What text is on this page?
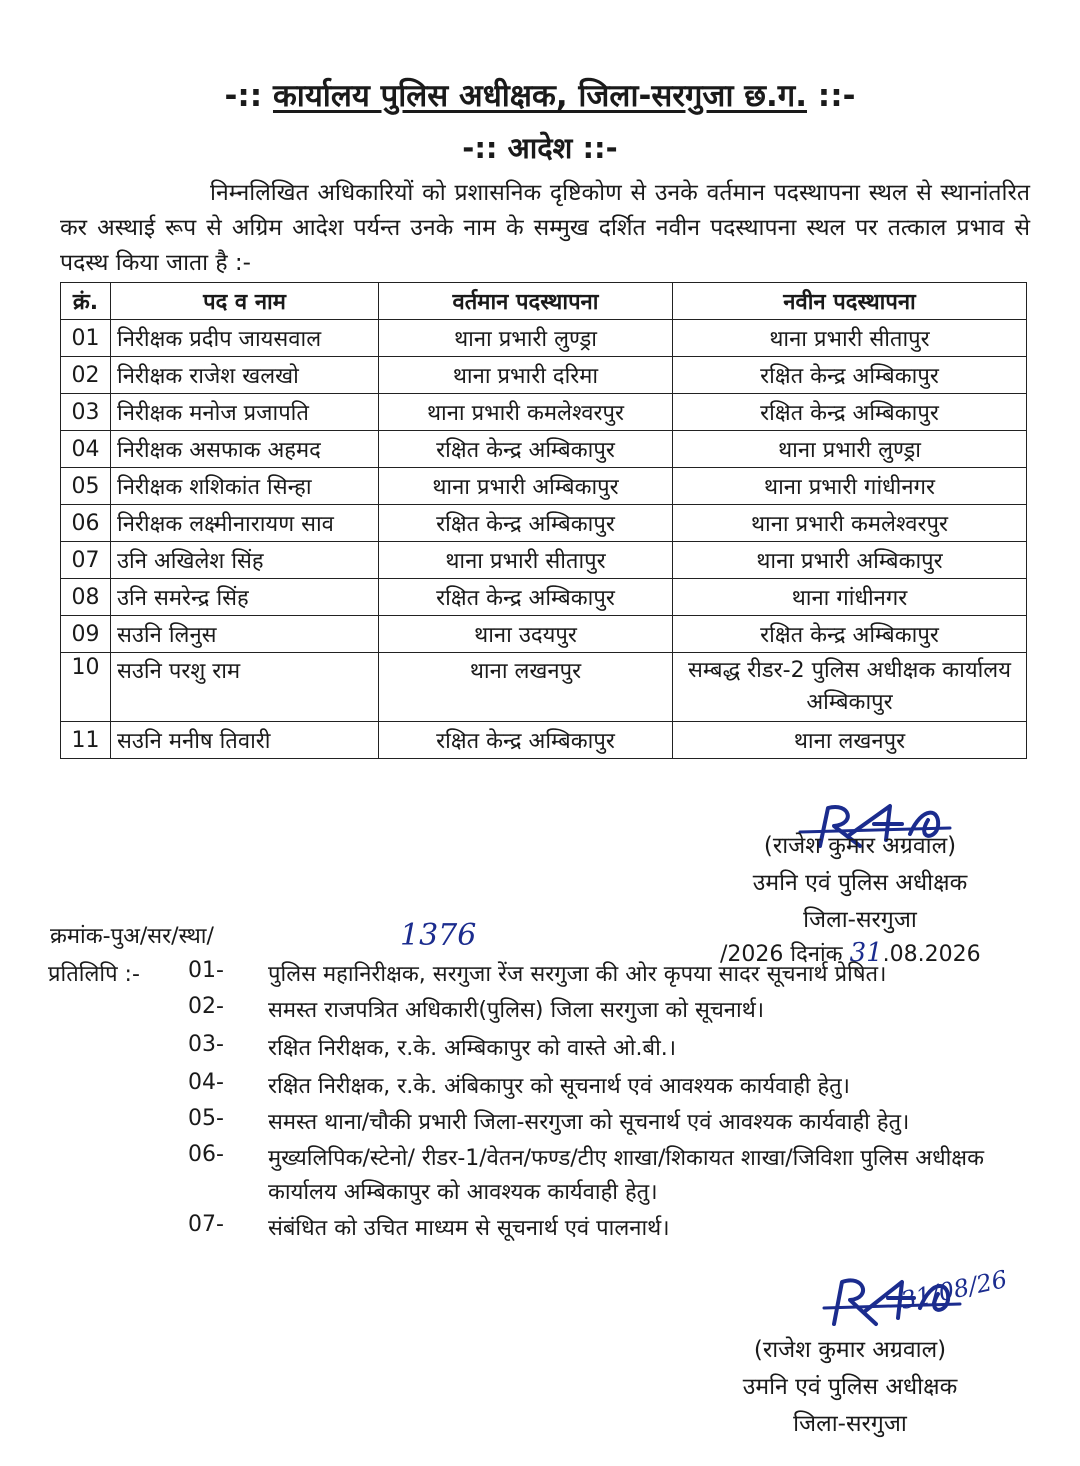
-:: कार्यालय पुलिस अधीक्षक, जिला-सरगुजा छ.ग. ::-
-:: आदेश ::-
निम्नलिखित अधिकारियों को प्रशासनिक दृष्टिकोण से उनके वर्तमान पदस्थापना स्थल से स्थानांतरित कर अस्थाई रूप से अग्रिम आदेश पर्यन्त उनके नाम के सम्मुख दर्शित नवीन पदस्थापना स्थल पर तत्काल प्रभाव से पदस्थ किया जाता है :-
क्रं.	पद व नाम	वर्तमान पदस्थापना	नवीन पदस्थापना
01	निरीक्षक प्रदीप जायसवाल	थाना प्रभारी लुण्ड्रा	थाना प्रभारी सीतापुर
02	निरीक्षक राजेश खलखो	थाना प्रभारी दरिमा	रक्षित केन्द्र अम्बिकापुर
03	निरीक्षक मनोज प्रजापति	थाना प्रभारी कमलेश्वरपुर	रक्षित केन्द्र अम्बिकापुर
04	निरीक्षक असफाक अहमद	रक्षित केन्द्र अम्बिकापुर	थाना प्रभारी लुण्ड्रा
05	निरीक्षक शशिकांत सिन्हा	थाना प्रभारी अम्बिकापुर	थाना प्रभारी गांधीनगर
06	निरीक्षक लक्ष्मीनारायण साव	रक्षित केन्द्र अम्बिकापुर	थाना प्रभारी कमलेश्वरपुर
07	उनि अखिलेश सिंह	थाना प्रभारी सीतापुर	थाना प्रभारी अम्बिकापुर
08	उनि समरेन्द्र सिंह	रक्षित केन्द्र अम्बिकापुर	थाना गांधीनगर
09	सउनि लिनुस	थाना उदयपुर	रक्षित केन्द्र अम्बिकापुर
10	सउनि परशु राम	थाना लखनपुर	सम्बद्ध रीडर-2 पुलिस अधीक्षक कार्यालय अम्बिकापुर
11	सउनि मनीष तिवारी	रक्षित केन्द्र अम्बिकापुर	थाना लखनपुर
(राजेश कुमार अग्रवाल)
उमनि एवं पुलिस अधीक्षक
जिला-सरगुजा
क्रमांक-पुअ/सर/स्था/
/2026 दिनांक 31.08.2026
1376
प्रतिलिपि :- 01-	पुलिस महानिरीक्षक, सरगुजा रेंज सरगुजा की ओर कृपया सादर सूचनार्थ प्रेषित।
02-	समस्त राजपत्रित अधिकारी(पुलिस) जिला सरगुजा को सूचनार्थ।
03-	रक्षित निरीक्षक, र.के. अम्बिकापुर को वास्ते ओ.बी.।
04-	रक्षित निरीक्षक, र.के. अंबिकापुर को सूचनार्थ एवं आवश्यक कार्यवाही हेतु।
05-	समस्त थाना/चौकी प्रभारी जिला-सरगुजा को सूचनार्थ एवं आवश्यक कार्यवाही हेतु।
06-	मुख्यलिपिक/स्टेनो/ रीडर-1/वेतन/फण्ड/टीए शाखा/शिकायत शाखा/जिविशा पुलिस अधीक्षक कार्यालय अम्बिकापुर को आवश्यक कार्यवाही हेतु।
07-	संबंधित को उचित माध्यम से सूचनार्थ एवं पालनार्थ।
31/08/26
(राजेश कुमार अग्रवाल)
उमनि एवं पुलिस अधीक्षक
जिला-सरगुजा
